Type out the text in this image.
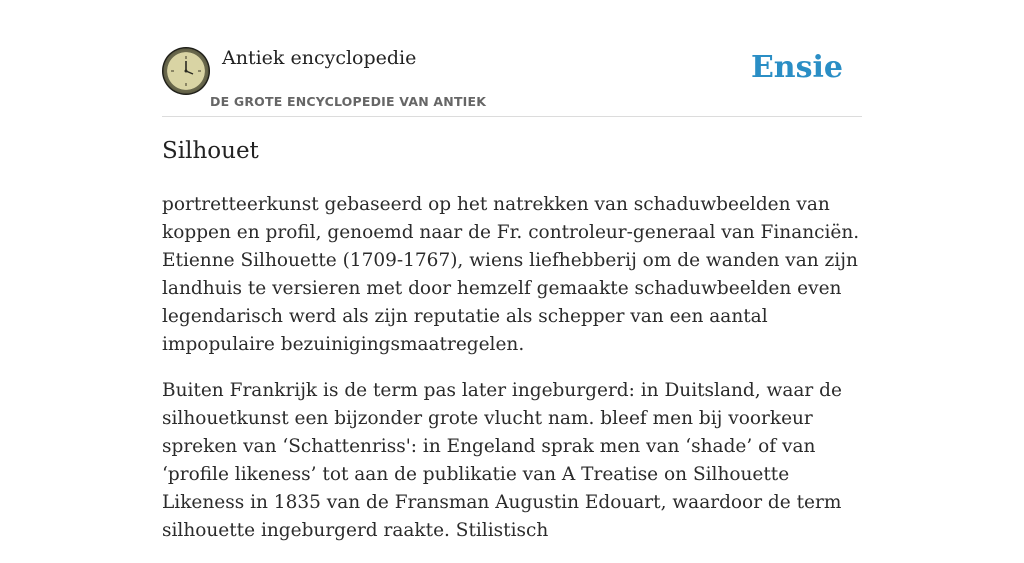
Antiek encyclopedie
DE GROTE ENCYCLOPEDIE VAN ANTIEK
Ensie
Silhouet

portretteerkunst gebaseerd op het natrekken van schaduwbeelden van koppen en profil, genoemd naar de Fr. controleur-generaal van Financiën. Etienne Silhouette (1709-1767), wiens liefhebberij om de wanden van zijn landhuis te versieren met door hemzelf gemaakte schaduwbeelden even legendarisch werd als zijn reputatie als schepper van een aantal impopulaire bezuinigingsmaatregelen.

Buiten Frankrijk is de term pas later ingeburgerd: in Duitsland, waar de silhouetkunst een bijzonder grote vlucht nam. bleef men bij voorkeur spreken van ‘Schattenriss': in Engeland sprak men van ‘shade’ of van ‘profile likeness’ tot aan de publikatie van A Treatise on Silhouette Likeness in 1835 van de Fransman Augustin Edouart, waardoor de term silhouette ingeburgerd raakte. Stilistisch
